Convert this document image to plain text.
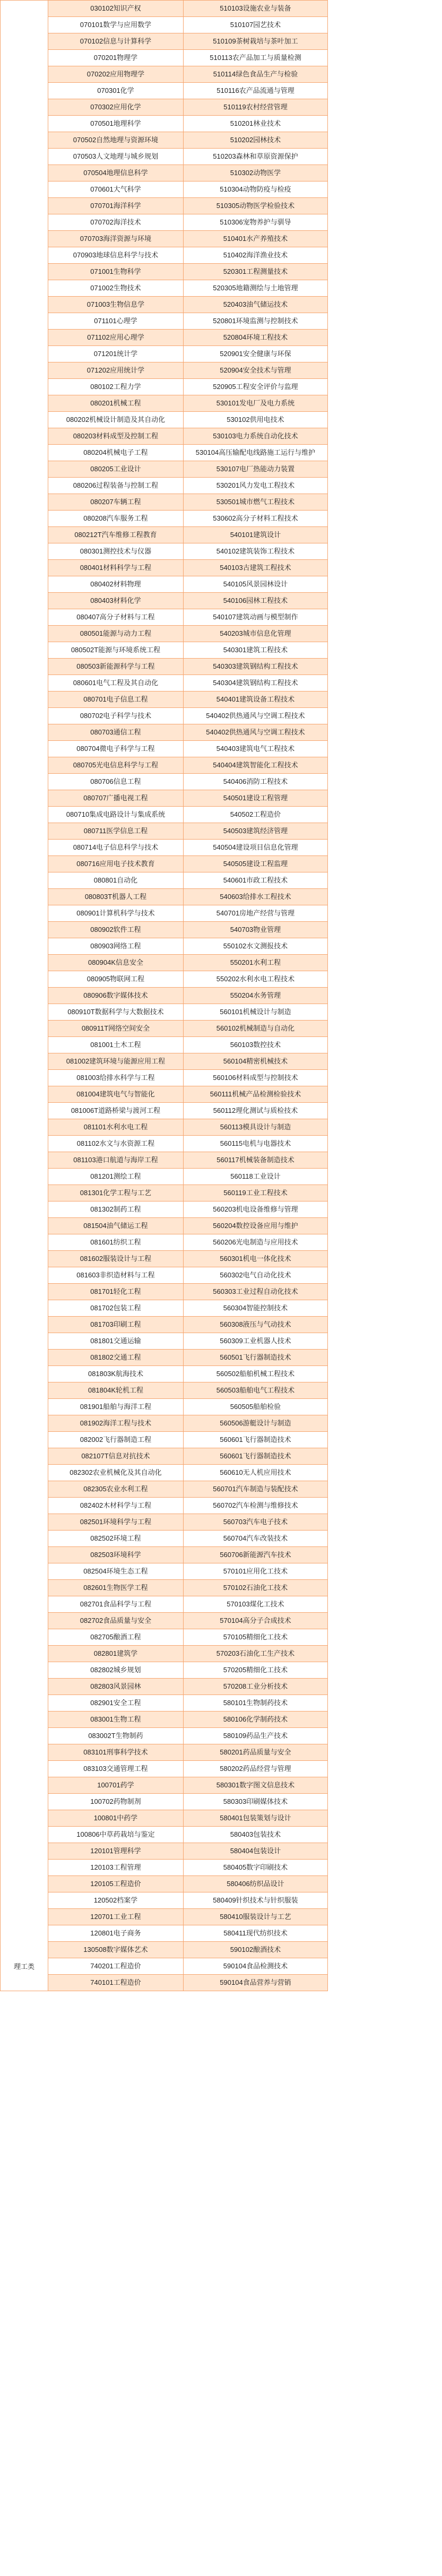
理工类	030102知识产权	510103设施农业与装备
	070101数学与应用数学	510107园艺技术
	070102信息与计算科学	510109茶树栽培与茶叶加工
	070201物理学	510113农产品加工与质量检测
	070202应用物理学	510114绿色食品生产与检验
	070301化学	510116农产品流通与管理
	070302应用化学	510119农村经营管理
	070501地理科学	510201林业技术
	070502自然地理与资源环境	510202园林技术
	070503人文地理与城乡规划	510203森林和草原资源保护
	070504地理信息科学	510302动物医学
	070601大气科学	510304动物防疫与检疫
	070701海洋科学	510305动物医学检验技术
	070702海洋技术	510306宠物养护与驯导
	070703海洋资源与环境	510401水产养殖技术
	070903地球信息科学与技术	510402海洋渔业技术
	071001生物科学	520301工程测量技术
	071002生物技术	520305地籍测绘与土地管理
	071003生物信息学	520403油气储运技术
	071101心理学	520801环境监测与控制技术
	071102应用心理学	520804环境工程技术
	071201统计学	520901安全健康与环保
	071202应用统计学	520904安全技术与管理
	080102工程力学	520905工程安全评价与监理
	080201机械工程	530101发电厂及电力系统
	080202机械设计制造及其自动化	530102供用电技术
	080203材料成型及控制工程	530103电力系统自动化技术
	080204机械电子工程	530104高压输配电线路施工运行与维护
	080205工业设计	530107电厂热能动力装置
	080206过程装备与控制工程	530201风力发电工程技术
	080207车辆工程	530501城市燃气工程技术
	080208汽车服务工程	530602高分子材料工程技术
	080212T汽车维修工程教育	540101建筑设计
	080301测控技术与仪器	540102建筑装饰工程技术
	080401材料科学与工程	540103古建筑工程技术
	080402材料物理	540105风景园林设计
	080403材料化学	540106园林工程技术
	080407高分子材料与工程	540107建筑动画与模型制作
	080501能源与动力工程	540203城市信息化管理
	080502T能源与环境系统工程	540301建筑工程技术
	080503新能源科学与工程	540303建筑钢结构工程技术
	080601电气工程及其自动化	540304建筑钢结构工程技术
	080701电子信息工程	540401建筑设备工程技术
	080702电子科学与技术	540402供热通风与空调工程技术
	080703通信工程	540402供热通风与空调工程技术
	080704微电子科学与工程	540403建筑电气工程技术
	080705光电信息科学与工程	540404建筑智能化工程技术
	080706信息工程	540406消防工程技术
	080707广播电视工程	540501建设工程管理
	080710集成电路设计与集成系统	540502工程造价
	080711医学信息工程	540503建筑经济管理
	080714电子信息科学与技术	540504建设项目信息化管理
	080716应用电子技术教育	540505建设工程监理
	080801自动化	540601市政工程技术
	080803T机器人工程	540603给排水工程技术
	080901计算机科学与技术	540701房地产经营与管理
	080902软件工程	540703物业管理
	080903网络工程	550102水文测报技术
	080904K信息安全	550201水利工程
	080905物联网工程	550202水利水电工程技术
	080906数字媒体技术	550204水务管理
	080910T数据科学与大数据技术	560101机械设计与制造
	080911T网络空间安全	560102机械制造与自动化
	081001土木工程	560103数控技术
	081002建筑环境与能源应用工程	560104精密机械技术
	081003给排水科学与工程	560106材料成型与控制技术
	081004建筑电气与智能化	560111机械产品检测检验技术
	081006T道路桥梁与渡河工程	560112理化测试与质检技术
	081101水利水电工程	560113模具设计与制造
	081102水文与水资源工程	560115电机与电器技术
	081103港口航道与海岸工程	560117机械装备制造技术
	081201测绘工程	560118工业设计
	081301化学工程与工艺	560119工业工程技术
	081302制药工程	560203机电设备维修与管理
	081504油气储运工程	560204数控设备应用与维护
	081601纺织工程	560206光电制造与应用技术
	081602服装设计与工程	560301机电一体化技术
	081603非织造材料与工程	560302电气自动化技术
	081701轻化工程	560303工业过程自动化技术
	081702包装工程	560304智能控制技术
	081703印刷工程	560308液压与气动技术
	081801交通运输	560309工业机器人技术
	081802交通工程	560501飞行器制造技术
	081803K航海技术	560502船舶机械工程技术
	081804K轮机工程	560503船舶电气工程技术
	081901船舶与海洋工程	560505船舶检验
	081902海洋工程与技术	560506游艇设计与制造
	082002飞行器制造工程	560601飞行器制造技术
	082107T信息对抗技术	560601飞行器制造技术
	082302农业机械化及其自动化	560610无人机应用技术
	082305农业水利工程	560701汽车制造与装配技术
	082402木材科学与工程	560702汽车检测与维修技术
	082501环境科学与工程	560703汽车电子技术
	082502环境工程	560704汽车改装技术
	082503环境科学	560706新能源汽车技术
	082504环境生态工程	570101应用化工技术
	082601生物医学工程	570102石油化工技术
	082701食品科学与工程	570103煤化工技术
	082702食品质量与安全	570104高分子合成技术
	082705酿酒工程	570105精细化工技术
	082801建筑学	570203石油化工生产技术
	082802城乡规划	570205精细化工技术
	082803风景园林	570208工业分析技术
	082901安全工程	580101生物制药技术
	083001生物工程	580106化学制药技术
	083002T生物制药	580109药品生产技术
	083101刑事科学技术	580201药品质量与安全
	083103交通管理工程	580202药品经营与管理
	100701药学	580301数字图文信息技术
	100702药物制剂	580303印刷媒体技术
	100801中药学	580401包装策划与设计
	100806中草药栽培与鉴定	580403包装技术
	120101管理科学	580404包装设计
	120103工程管理	580405数字印刷技术
	120105工程造价	580406纺织品设计
	120502档案学	580409针织技术与针织服装
	120701工业工程	580410服装设计与工艺
	120801电子商务	580411现代纺织技术
	130508数字媒体艺术	590102酿酒技术
	740201工程造价	590104食品检测技术
	740101工程造价	590104食品营养与营销
